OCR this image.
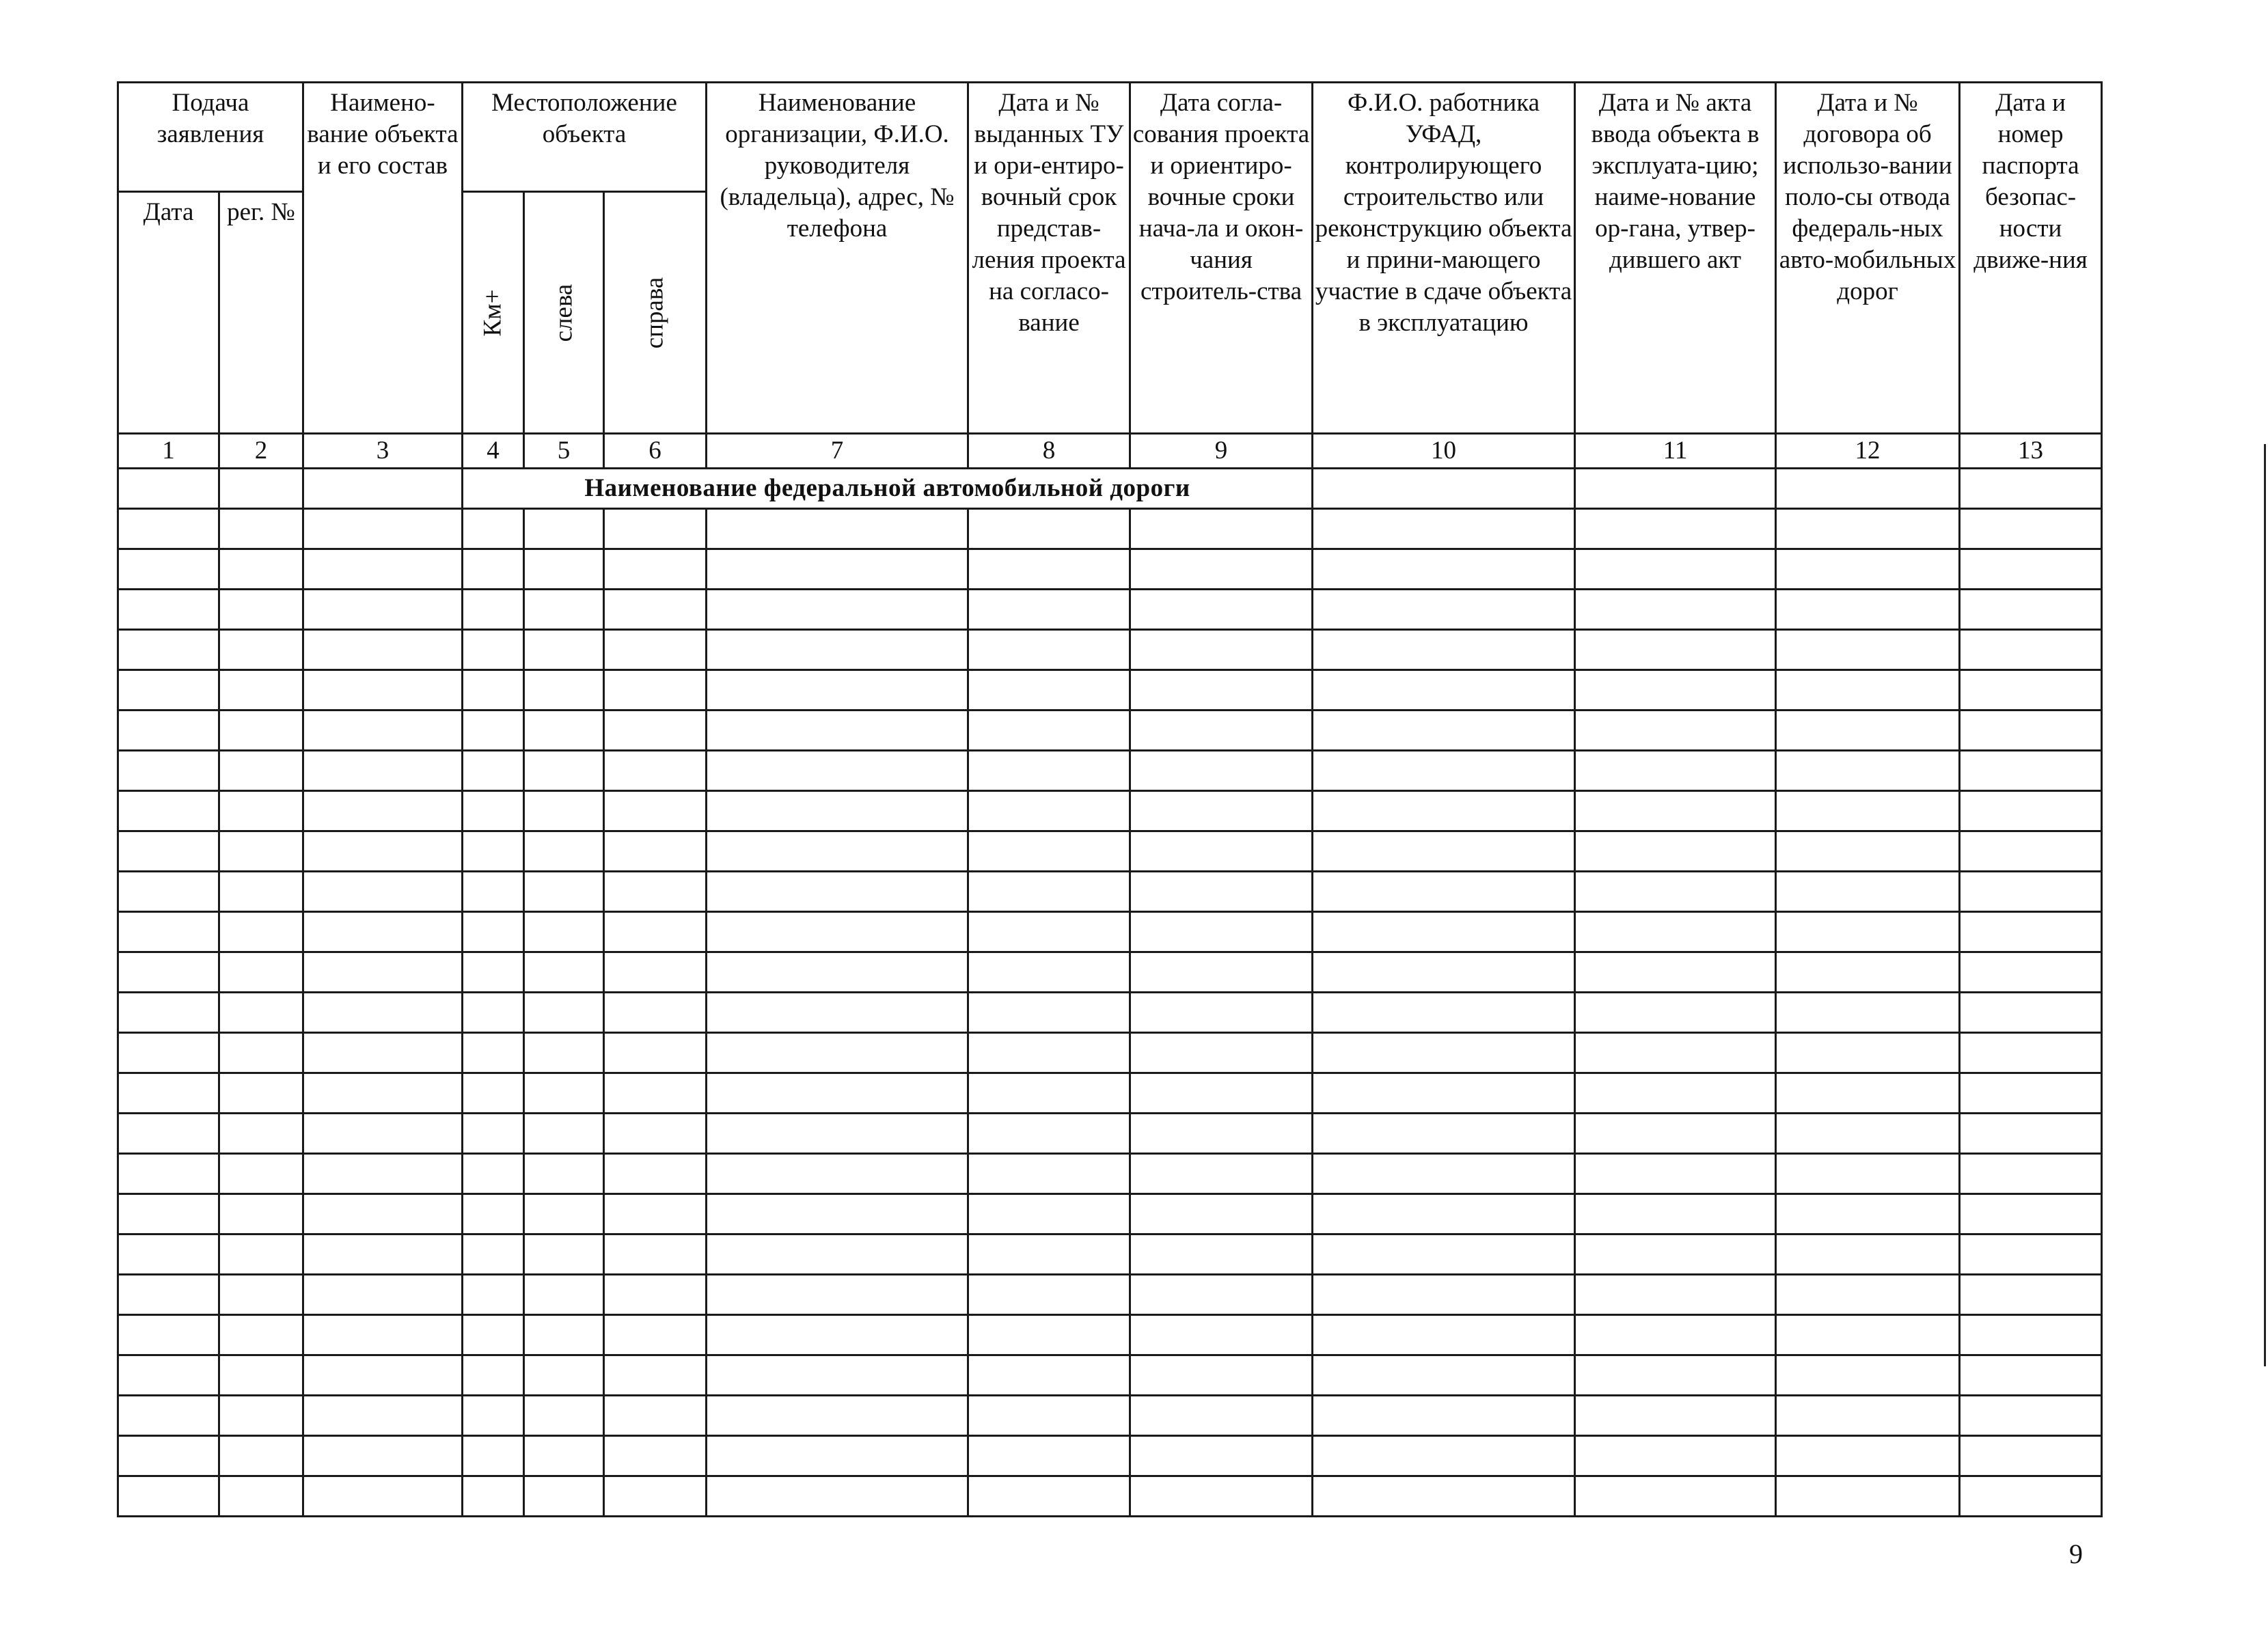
Подача заявления		Наимено-вание объекта и его состав	Местоположение объекта			Наименование организации, Ф.И.О. руководителя (владельца), адрес, № телефона	Дата и № выданных ТУ и ори-ентиро-вочный срок представ-ления проекта на согласо-вание	Дата согла-сования проекта и ориентиро-вочные сроки нача-ла и окон-чания строитель-ства	Ф.И.О. работника УФАД, контролирующего строительство или реконструкцию объекта и прини-мающего участие в сдаче объекта в эксплуатацию	Дата и № акта ввода объекта в эксплуата-цию; наиме-нование ор-гана, утвер-дившего акт	Дата и № договора об использо-вании поло-сы отвода федераль-ных авто-мобильных дорог	Дата и номер паспорта безопас-ности движе-ния

Дата	рег. №		Км+	слева	справа							
1	2	3	4	5	6	7	8	9	10	11	12	13
			Наименование федеральной автомобильной дороги									

9
